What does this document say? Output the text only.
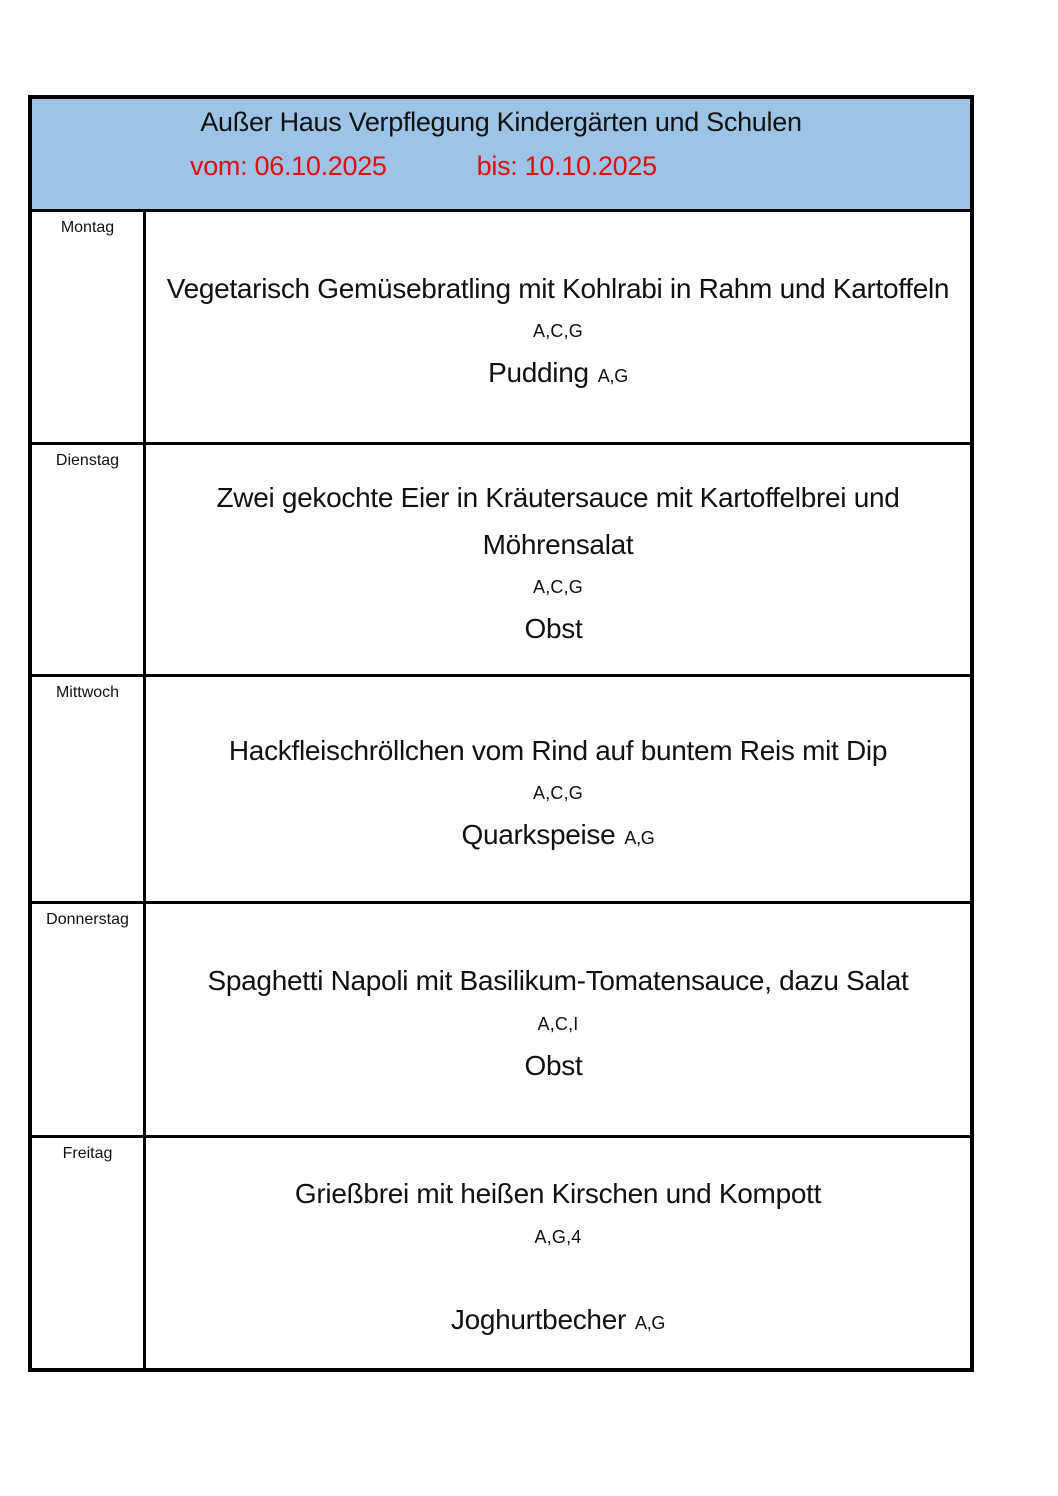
Außer Haus Verpflegung Kindergärten und Schulen
vom: 06.10.2025	bis: 10.10.2025
Montag
Vegetarisch Gemüsebratling mit Kohlrabi in Rahm und Kartoffeln
A,C,G
Pudding A,G
Dienstag
Zwei gekochte Eier in Kräutersauce mit Kartoffelbrei und Möhrensalat
A,C,G
Obst
Mittwoch
Hackfleischröllchen vom Rind auf buntem Reis mit Dip
A,C,G
Quarkspeise A,G
Donnerstag
Spaghetti Napoli mit Basilikum-Tomatensauce, dazu Salat
A,C,I
Obst
Freitag
Grießbrei mit heißen Kirschen und Kompott
A,G,4
Joghurtbecher A,G
